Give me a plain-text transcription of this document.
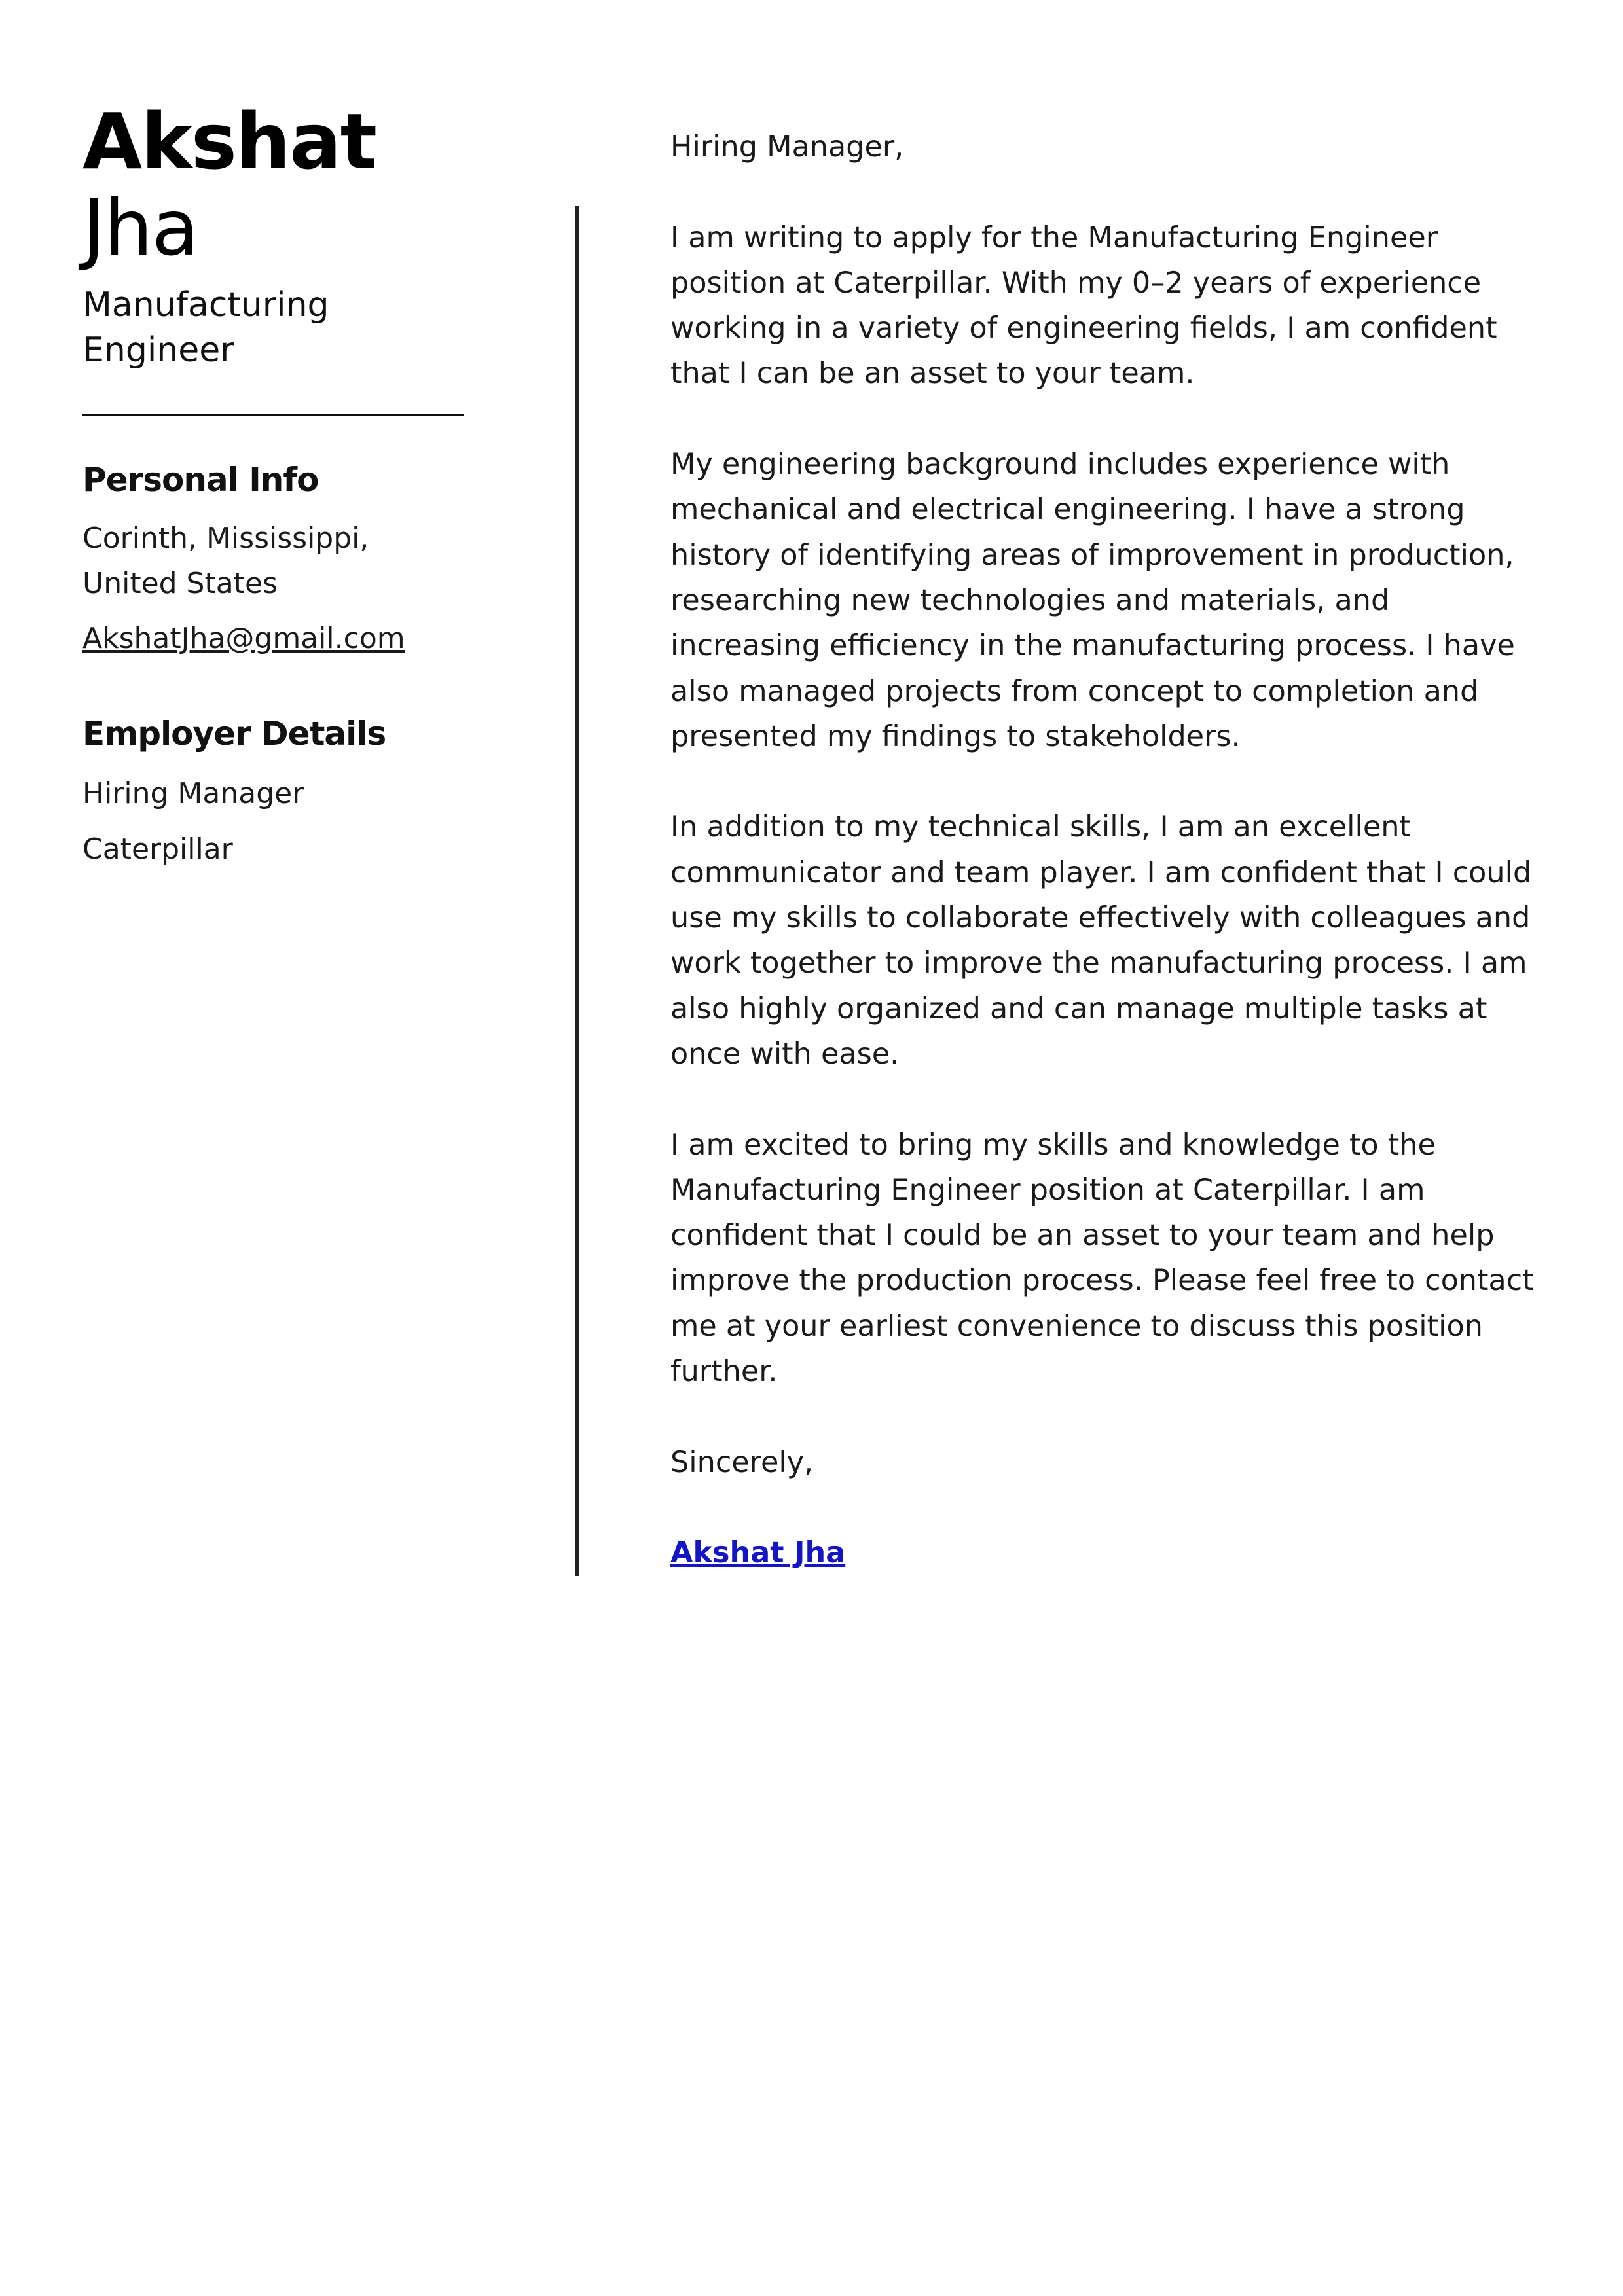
Akshat
Jha
Manufacturing
Engineer
Personal Info
Corinth, Mississippi,
United States
AkshatJha@gmail.com
Employer Details
Hiring Manager
Caterpillar

Hiring Manager,

I am writing to apply for the Manufacturing Engineer position at Caterpillar. With my 0–2 years of experience working in a variety of engineering fields, I am confident that I can be an asset to your team.

My engineering background includes experience with mechanical and electrical engineering. I have a strong history of identifying areas of improvement in production, researching new technologies and materials, and increasing efficiency in the manufacturing process. I have also managed projects from concept to completion and presented my findings to stakeholders.

In addition to my technical skills, I am an excellent communicator and team player. I am confident that I could use my skills to collaborate effectively with colleagues and work together to improve the manufacturing process. I am also highly organized and can manage multiple tasks at once with ease.

I am excited to bring my skills and knowledge to the Manufacturing Engineer position at Caterpillar. I am confident that I could be an asset to your team and help improve the production process. Please feel free to contact me at your earliest convenience to discuss this position further.

Sincerely,

Akshat Jha
